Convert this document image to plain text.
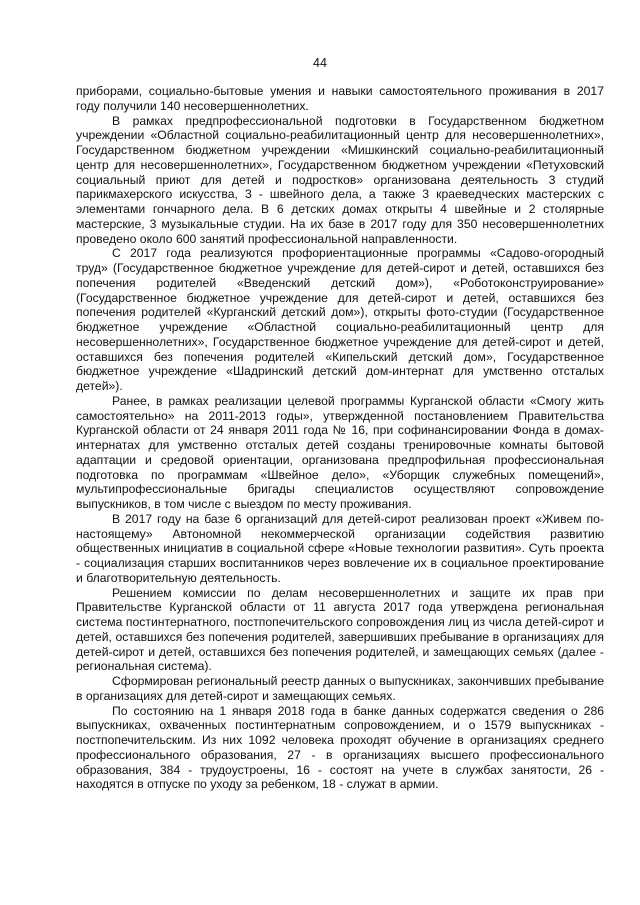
44

приборами, социально-бытовые умения и навыки самостоятельного проживания в 2017 году получили 140 несовершеннолетних.

В рамках предпрофессиональной подготовки в Государственном бюджетном учреждении «Областной социально-реабилитационный центр для несовершеннолетних», Государственном бюджетном учреждении «Мишкинский социально-реабилитационный центр для несовершеннолетних», Государственном бюджетном учреждении «Петуховский социальный приют для детей и подростков» организована деятельность 3 студий парикмахерского искусства, 3 - швейного дела, а также 3 краеведческих мастерских с элементами гончарного дела. В 6 детских домах открыты 4 швейные и 2 столярные мастерские, 3 музыкальные студии. На их базе в 2017 году для 350 несовершеннолетних проведено около 600 занятий профессиональной направленности.

С 2017 года реализуются профориентационные программы «Садово-огородный труд» (Государственное бюджетное учреждение для детей-сирот и детей, оставшихся без попечения родителей «Введенский детский дом»), «Роботоконструирование» (Государственное бюджетное учреждение для детей-сирот и детей, оставшихся без попечения родителей «Курганский детский дом»), открыты фото-студии (Государственное бюджетное учреждение «Областной социально-реабилитационный центр для несовершеннолетних», Государственное бюджетное учреждение для детей-сирот и детей, оставшихся без попечения родителей «Кипельский детский дом», Государственное бюджетное учреждение «Шадринский детский дом-интернат для умственно отсталых детей»).

Ранее, в рамках реализации целевой программы Курганской области «Смогу жить самостоятельно» на 2011-2013 годы», утвержденной постановлением Правительства Курганской области от 24 января 2011 года № 16, при софинансировании Фонда в домах-интернатах для умственно отсталых детей созданы тренировочные комнаты бытовой адаптации и средовой ориентации, организована предпрофильная профессиональная подготовка по программам «Швейное дело», «Уборщик служебных помещений», мультипрофессиональные бригады специалистов осуществляют сопровождение выпускников, в том числе с выездом по месту проживания.

В 2017 году на базе 6 организаций для детей-сирот реализован проект «Живем по-настоящему» Автономной некоммерческой организации содействия развитию общественных инициатив в социальной сфере «Новые технологии развития». Суть проекта - социализация старших воспитанников через вовлечение их в социальное проектирование и благотворительную деятельность.

Решением комиссии по делам несовершеннолетних и защите их прав при Правительстве Курганской области от 11 августа 2017 года утверждена региональная система постинтернатного, постпопечительского сопровождения лиц из числа детей-сирот и детей, оставшихся без попечения родителей, завершивших пребывание в организациях для детей-сирот и детей, оставшихся без попечения родителей, и замещающих семьях (далее - региональная система).

Сформирован региональный реестр данных о выпускниках, закончивших пребывание в организациях для детей-сирот и замещающих семьях.

По состоянию на 1 января 2018 года в банке данных содержатся сведения о 286 выпускниках, охваченных постинтернатным сопровождением, и о 1579 выпускниках - постпопечительским. Из них 1092 человека проходят обучение в организациях среднего профессионального образования, 27 - в организациях высшего профессионального образования, 384 - трудоустроены, 16 - состоят на учете в службах занятости, 26 - находятся в отпуске по уходу за ребенком, 18 - служат в армии.
